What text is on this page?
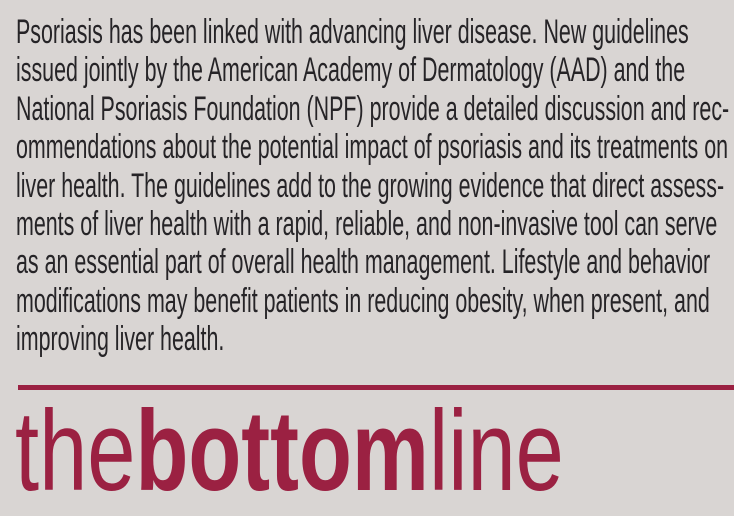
Psoriasis has been linked with advancing liver disease. New guidelines
issued jointly by the American Academy of Dermatology (AAD) and the
National Psoriasis Foundation (NPF) provide a detailed discussion and rec-
ommendations about the potential impact of psoriasis and its treatments on
liver health. The guidelines add to the growing evidence that direct assess-
ments of liver health with a rapid, reliable, and non-invasive tool can serve
as an essential part of overall health management. Lifestyle and behavior
modifications may benefit patients in reducing obesity, when present, and
improving liver health.
thebottomline
